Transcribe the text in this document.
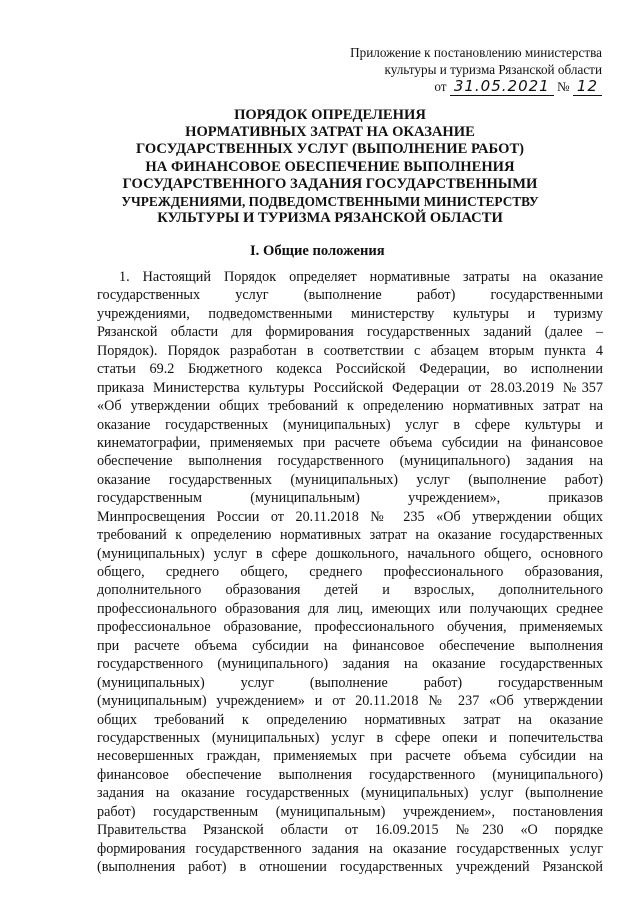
Приложение к постановлению министерства
культуры и туризма Рязанской области
от 31.05.2021 № 12
ПОРЯДОК ОПРЕДЕЛЕНИЯ
НОРМАТИВНЫХ ЗАТРАТ НА ОКАЗАНИЕ
ГОСУДАРСТВЕННЫХ УСЛУГ (ВЫПОЛНЕНИЕ РАБОТ)
НА ФИНАНСОВОЕ ОБЕСПЕЧЕНИЕ ВЫПОЛНЕНИЯ
ГОСУДАРСТВЕННОГО ЗАДАНИЯ ГОСУДАРСТВЕННЫМИ
УЧРЕЖДЕНИЯМИ, ПОДВЕДОМСТВЕННЫМИ МИНИСТЕРСТВУ
КУЛЬТУРЫ И ТУРИЗМА РЯЗАНСКОЙ ОБЛАСТИ
I. Общие положения
1. Настоящий Порядок определяет нормативные затраты на оказание
государственных услуг (выполнение работ) государственными
учреждениями, подведомственными министерству культуры и туризму
Рязанской области для формирования государственных заданий (далее –
Порядок). Порядок разработан в соответствии с абзацем вторым пункта 4
статьи 69.2 Бюджетного кодекса Российской Федерации, во исполнении
приказа Министерства культуры Российской Федерации от 28.03.2019 №357
«Об утверждении общих требований к определению нормативных затрат на
оказание государственных (муниципальных) услуг в сфере культуры и
кинематографии, применяемых при расчете объема субсидии на финансовое
обеспечение выполнения государственного (муниципального) задания на
оказание государственных (муниципальных) услуг (выполнение работ)
государственным (муниципальным) учреждением», приказов
Минпросвещения России от 20.11.2018 № 235 «Об утверждении общих
требований к определению нормативных затрат на оказание государственных
(муниципальных) услуг в сфере дошкольного, начального общего, основного
общего, среднего общего, среднего профессионального образования,
дополнительного образования детей и взрослых, дополнительного
профессионального образования для лиц, имеющих или получающих среднее
профессиональное образование, профессионального обучения, применяемых
при расчете объема субсидии на финансовое обеспечение выполнения
государственного (муниципального) задания на оказание государственных
(муниципальных) услуг (выполнение работ) государственным
(муниципальным) учреждением» и от 20.11.2018 № 237 «Об утверждении
общих требований к определению нормативных затрат на оказание
государственных (муниципальных) услуг в сфере опеки и попечительства
несовершенных граждан, применяемых при расчете объема субсидии на
финансовое обеспечение выполнения государственного (муниципального)
задания на оказание государственных (муниципальных) услуг (выполнение
работ) государственным (муниципальным) учреждением», постановления
Правительства Рязанской области от 16.09.2015 №230 «О порядке
формирования государственного задания на оказание государственных услуг
(выполнения работ) в отношении государственных учреждений Рязанской
